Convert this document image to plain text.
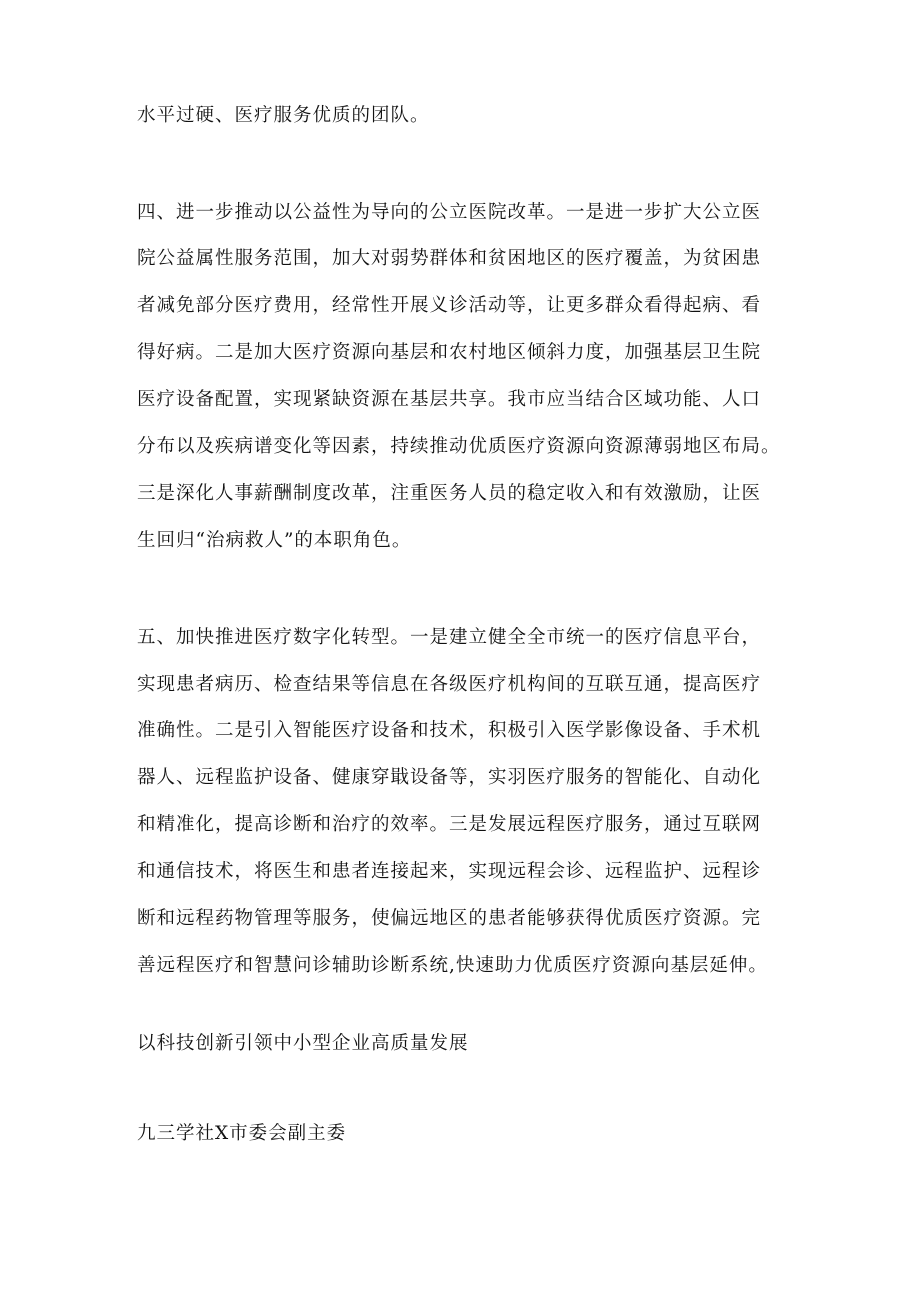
水平过硬、医疗服务优质的团队。

四、进一步推动以公益性为导向的公立医院改革。一是进一步扩大公立医

院公益属性服务范围，加大对弱势群体和贫困地区的医疗覆盖，为贫困患

者减免部分医疗费用，经常性开展义诊活动等，让更多群众看得起病、看

得好病。二是加大医疗资源向基层和农村地区倾斜力度，加强基层卫生院

医疗设备配置，实现紧缺资源在基层共享。我市应当结合区域功能、人口

分布以及疾病谱变化等因素，持续推动优质医疗资源向资源薄弱地区布局。

三是深化人事薪酬制度改革，注重医务人员的稳定收入和有效激励，让医

生回归“治病救人”的本职角色。

五、加快推进医疗数字化转型。一是建立健全全市统一的医疗信息平台，

实现患者病历、检查结果等信息在各级医疗机构间的互联互通，提高医疗

准确性。二是引入智能医疗设备和技术，积极引入医学影像设备、手术机

器人、远程监护设备、健康穿戢设备等，实羽医疗服务的智能化、自动化

和精准化，提高诊断和治疗的效率。三是发展远程医疗服务，通过互联网

和通信技术，将医生和患者连接起来，实现远程会诊、远程监护、远程诊

断和远程药物管理等服务，使偏远地区的患者能够获得优质医疗资源。完

善远程医疗和智慧问诊辅助诊断系统,快速助力优质医疗资源向基层延伸。

以科技创新引领中小型企业高质量发展

九三学社X市委会副主委
